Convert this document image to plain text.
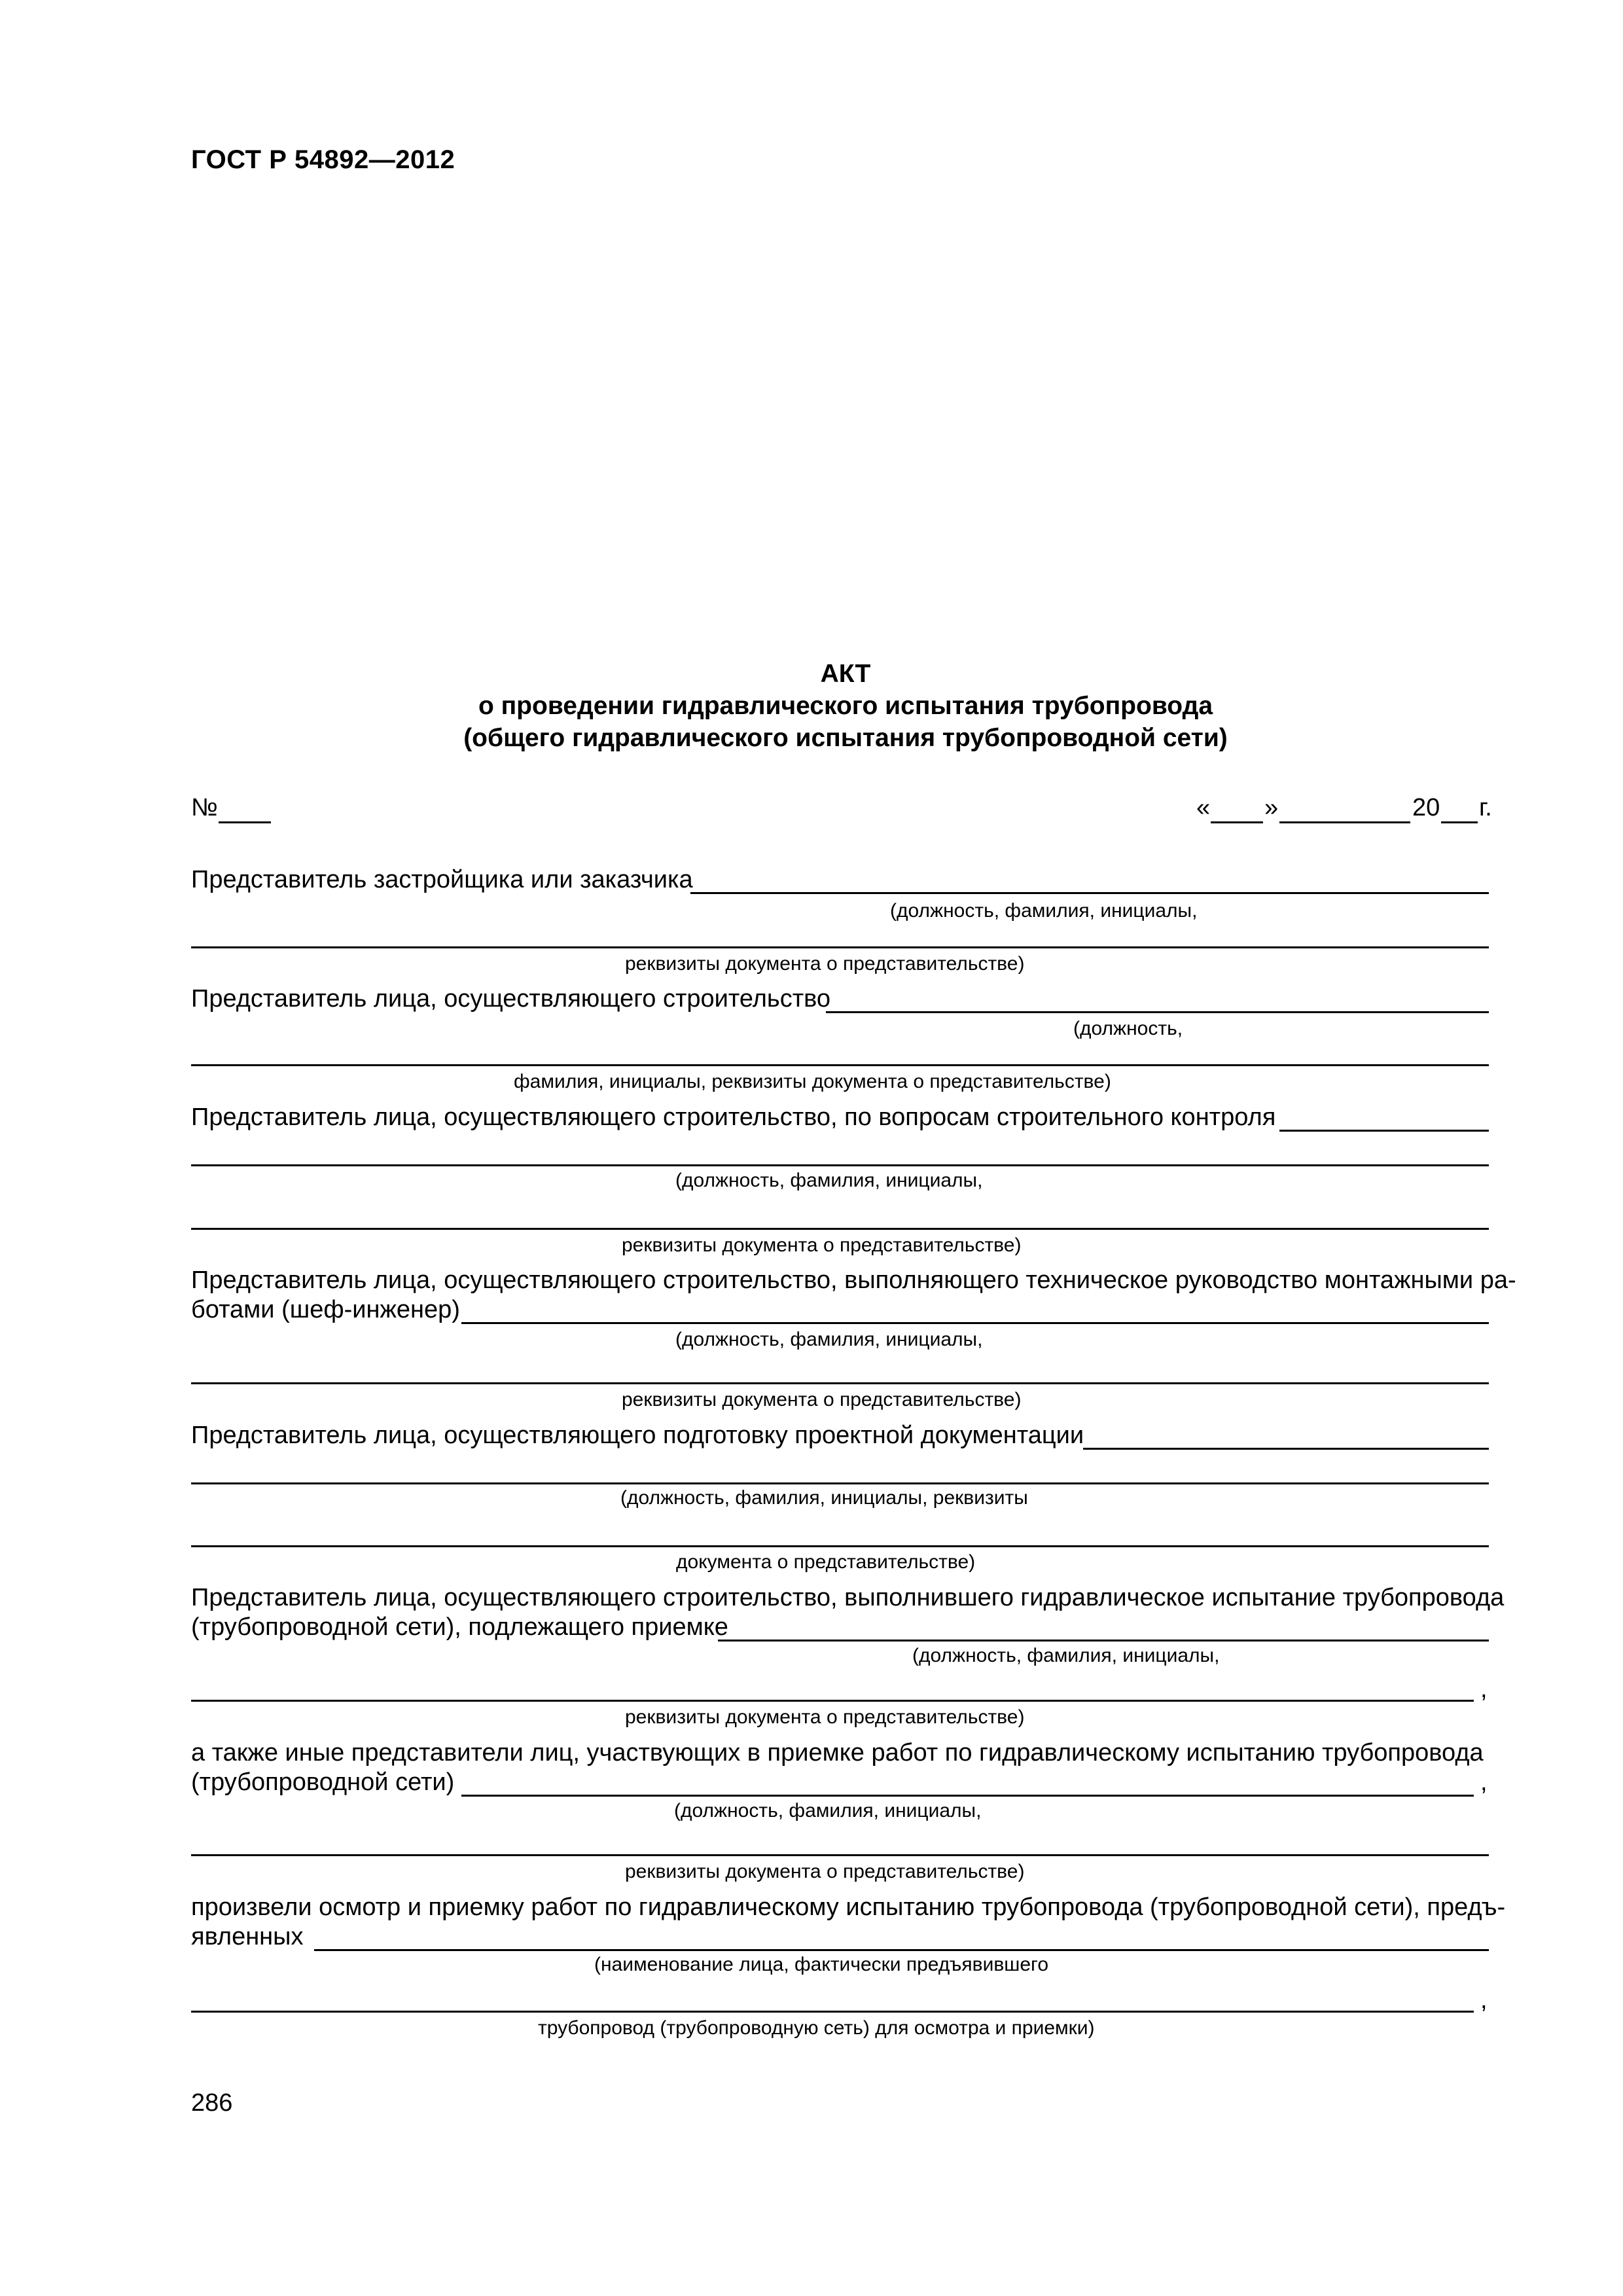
ГОСТ Р 54892—2012
АКТ
о проведении гидравлического испытания трубопровода
(общего гидравлического испытания трубопроводной сети)
№	« »	20 г.
Представитель застройщика или заказчика
(должность, фамилия, инициалы,
реквизиты документа о представительстве)
Представитель лица, осуществляющего строительство
(должность,
фамилия, инициалы, реквизиты документа о представительстве)
Представитель лица, осуществляющего строительство, по вопросам строительного контроля
(должность, фамилия, инициалы,
реквизиты документа о представительстве)
Представитель лица, осуществляющего строительство, выполняющего техническое руководство монтажными ра-
ботами (шеф-инженер)
(должность, фамилия, инициалы,
реквизиты документа о представительстве)
Представитель лица, осуществляющего подготовку проектной документации
(должность, фамилия, инициалы, реквизиты
документа о представительстве)
Представитель лица, осуществляющего строительство, выполнившего гидравлическое испытание трубопровода
(трубопроводной сети), подлежащего приемке
(должность, фамилия, инициалы,
,
реквизиты документа о представительстве)
а также иные представители лиц, участвующих в приемке работ по гидравлическому испытанию трубопровода
(трубопроводной сети)	,
(должность, фамилия, инициалы,
реквизиты документа о представительстве)
произвели осмотр и приемку работ по гидравлическому испытанию трубопровода (трубопроводной сети), предъ-
явленных
(наименование лица, фактически предъявившего
,
трубопровод (трубопроводную сеть) для осмотра и приемки)
286
